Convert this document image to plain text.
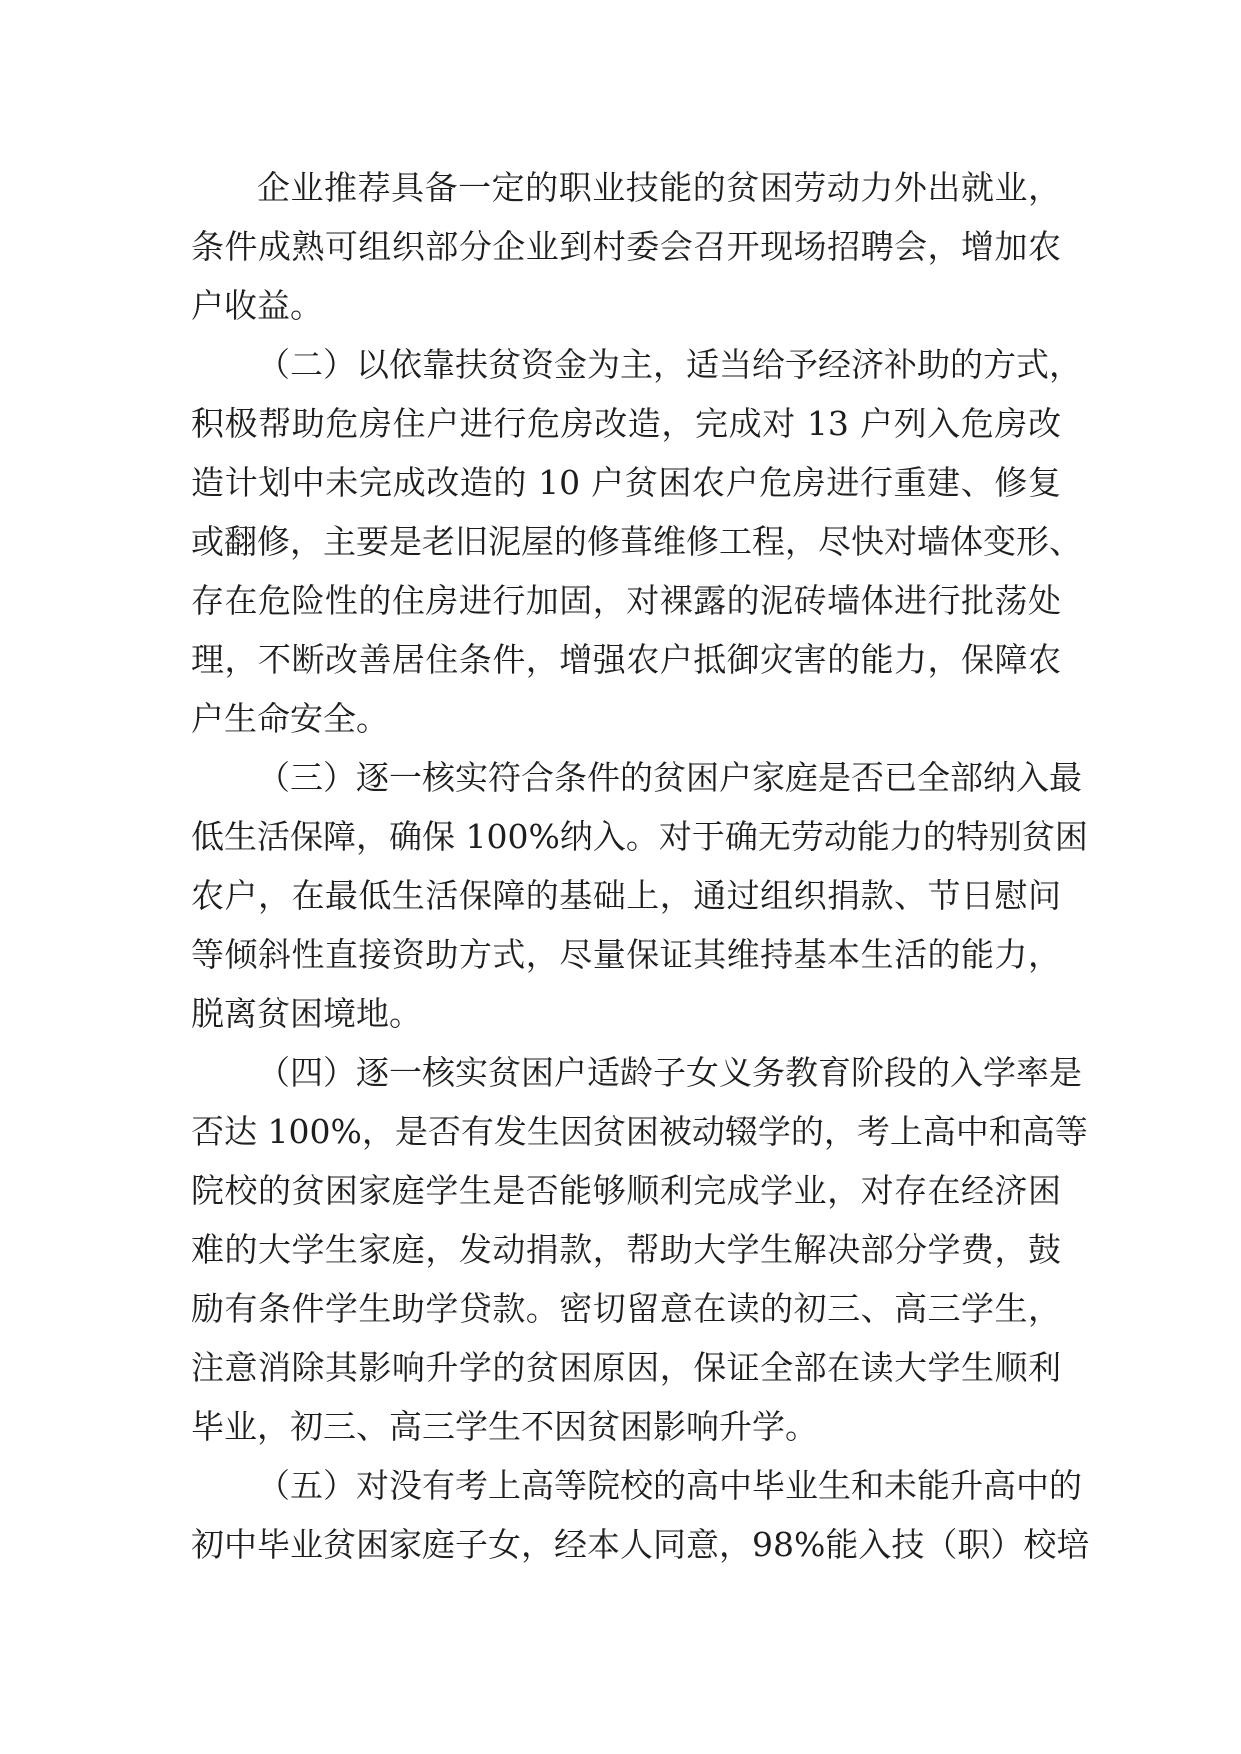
企业推荐具备一定的职业技能的贫困劳动力外出就业，
条件成熟可组织部分企业到村委会召开现场招聘会，增加农
户收益。
（二）以依靠扶贫资金为主，适当给予经济补助的方式，
积极帮助危房住户进行危房改造，完成对 13 户列入危房改
造计划中未完成改造的 10 户贫困农户危房进行重建、修复
或翻修，主要是老旧泥屋的修葺维修工程，尽快对墙体变形、
存在危险性的住房进行加固，对裸露的泥砖墙体进行批荡处
理，不断改善居住条件，增强农户抵御灾害的能力，保障农
户生命安全。
（三）逐一核实符合条件的贫困户家庭是否已全部纳入最
低生活保障，确保 100%纳入。对于确无劳动能力的特别贫困
农户，在最低生活保障的基础上，通过组织捐款、节日慰问
等倾斜性直接资助方式，尽量保证其维持基本生活的能力，
脱离贫困境地。
（四）逐一核实贫困户适龄子女义务教育阶段的入学率是
否达 100%，是否有发生因贫困被动辍学的，考上高中和高等
院校的贫困家庭学生是否能够顺利完成学业，对存在经济困
难的大学生家庭，发动捐款，帮助大学生解决部分学费，鼓
励有条件学生助学贷款。密切留意在读的初三、高三学生，
注意消除其影响升学的贫困原因，保证全部在读大学生顺利
毕业，初三、高三学生不因贫困影响升学。
（五）对没有考上高等院校的高中毕业生和未能升高中的
初中毕业贫困家庭子女，经本人同意，98%能入技（职）校培
